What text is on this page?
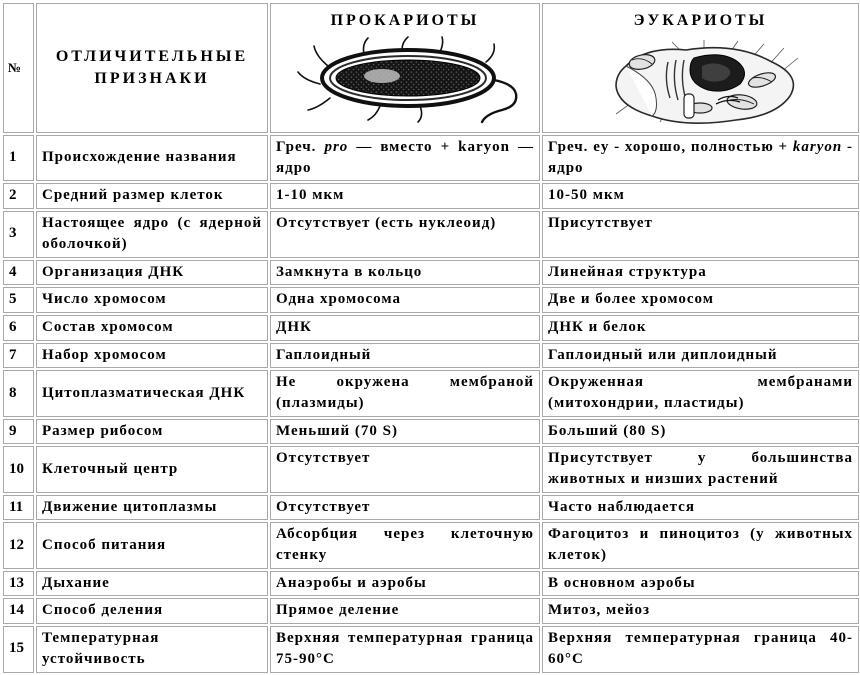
№	ОТЛИЧИТЕЛЬНЫЕ ПРИЗНАКИ	ПРОКАРИОТЫ	ЭУКАРИОТЫ

1	Происхождение названия	Греч. pro — вместо + karyon — ядро	Греч. eу - хорошо, полностью + karyon - ядро
2	Средний размер клеток	1-10 мкм	10-50 мкм
3	Настоящее ядро (с ядерной оболочкой)	Отсутствует (есть нуклеоид)	Присутствует
4	Организация ДНК	Замкнута в кольцо	Линейная структура
5	Число хромосом	Одна хромосома	Две и более хромосом
6	Состав хромосом	ДНК	ДНК и белок
7	Набор хромосом	Гаплоидный	Гаплоидный или диплоидный
8	Цитоплазматическая ДНК	Не окружена мембраной (плазмиды)	Окруженная мембранами (митохондрии, пластиды)
9	Размер рибосом	Меньший (70 S)	Больший (80 S)
10	Клеточный центр	Отсутствует	Присутствует у большинства животных и низших растений
11	Движение цитоплазмы	Отсутствует	Часто наблюдается
12	Способ питания	Абсорбция через клеточную стенку	Фагоцитоз и пиноцитоз (у животных клеток)
13	Дыхание	Анаэробы и аэробы	В основном аэробы
14	Способ деления	Прямое деление	Митоз, мейоз
15	Температурная устойчивость	Верхняя температурная граница 75-90°С	Верхняя температурная граница 40-60°С
